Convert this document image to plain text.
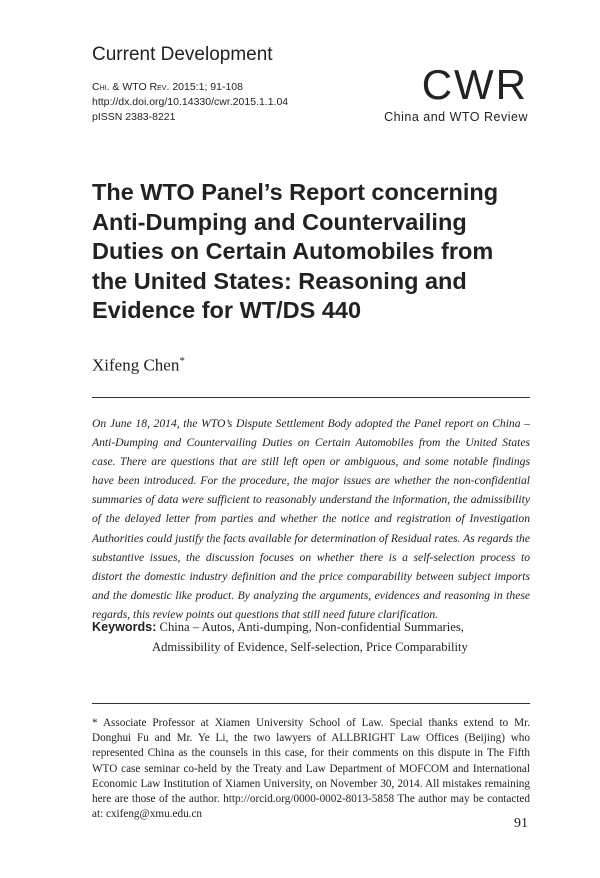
Current Development
Chi. & WTO Rev. 2015:1; 91-108
http://dx.doi.org/10.14330/cwr.2015.1.1.04
pISSN 2383-8221
CWR
China and WTO Review
The WTO Panel’s Report concerning Anti-Dumping and Countervailing Duties on Certain Automobiles from the United States: Reasoning and Evidence for WT/DS 440
Xifeng Chen*

On June 18, 2014, the WTO’s Dispute Settlement Body adopted the Panel report on China – Anti-Dumping and Countervailing Duties on Certain Automobiles from the United States case. There are questions that are still left open or ambiguous, and some notable findings have been introduced. For the procedure, the major issues are whether the non-confidential summaries of data were sufficient to reasonably understand the information, the admissibility of the delayed letter from parties and whether the notice and registration of Investigation Authorities could justify the facts available for determination of Residual rates. As regards the substantive issues, the discussion focuses on whether there is a self-selection process to distort the domestic industry definition and the price comparability between subject imports and the domestic like product. By analyzing the arguments, evidences and reasoning in these regards, this review points out questions that still need future clarification.

Keywords: China – Autos, Anti-dumping, Non-confidential Summaries, Admissibility of Evidence, Self-selection, Price Comparability

* Associate Professor at Xiamen University School of Law. Special thanks extend to Mr. Donghui Fu and Mr. Ye Li, the two lawyers of ALLBRIGHT Law Offices (Beijing) who represented China as the counsels in this case, for their comments on this dispute in The Fifth WTO case seminar co-held by the Treaty and Law Department of MOFCOM and International Economic Law Institution of Xiamen University, on November 30, 2014. All mistakes remaining here are those of the author. http://orcid.org/0000-0002-8013-5858 The author may be contacted at: cxifeng@xmu.edu.cn

91
